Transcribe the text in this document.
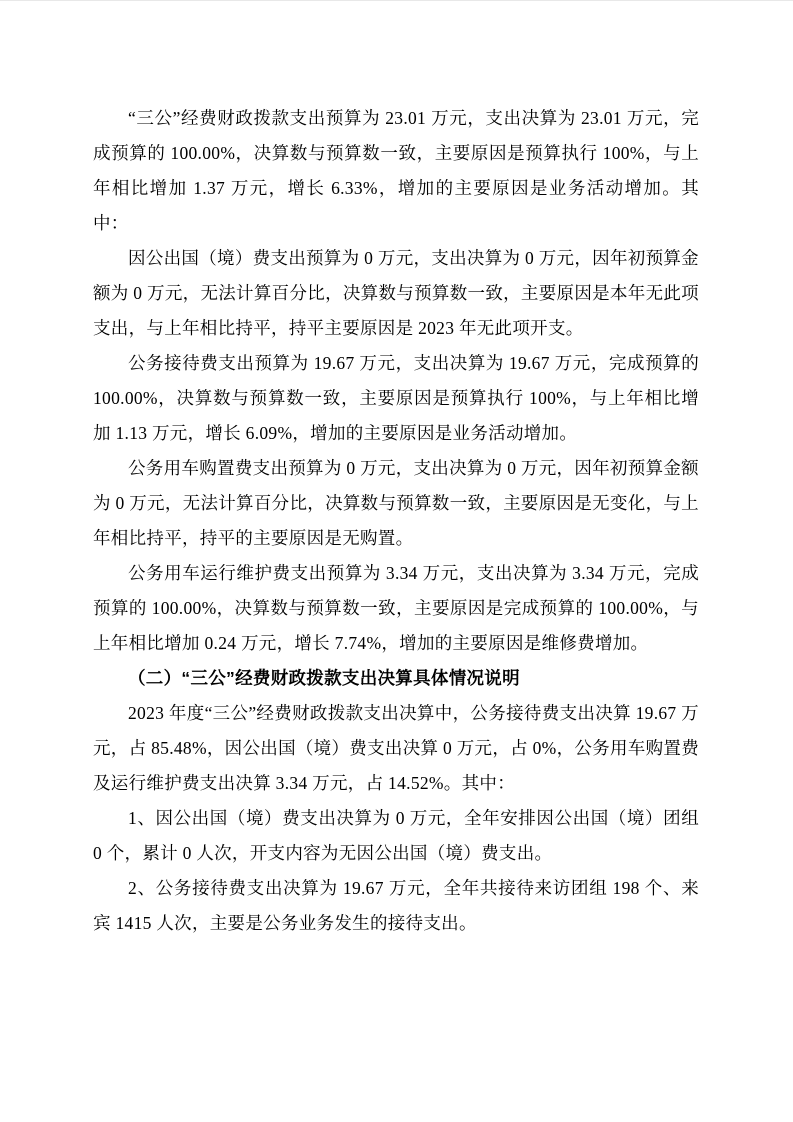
“三公”经费财政拨款支出预算为 23.01 万元，支出决算为 23.01 万元，完成预算的 100.00%，决算数与预算数一致，主要原因是预算执行 100%，与上年相比增加 1.37 万元，增长 6.33%，增加的主要原因是业务活动增加。其中：

因公出国（境）费支出预算为 0 万元，支出决算为 0 万元，因年初预算金额为 0 万元，无法计算百分比，决算数与预算数一致，主要原因是本年无此项支出，与上年相比持平，持平主要原因是 2023 年无此项开支。

公务接待费支出预算为 19.67 万元，支出决算为 19.67 万元，完成预算的 100.00%，决算数与预算数一致，主要原因是预算执行 100%，与上年相比增加 1.13 万元，增长 6.09%，增加的主要原因是业务活动增加。

公务用车购置费支出预算为 0 万元，支出决算为 0 万元，因年初预算金额为 0 万元，无法计算百分比，决算数与预算数一致，主要原因是无变化，与上年相比持平，持平的主要原因是无购置。

公务用车运行维护费支出预算为 3.34 万元，支出决算为 3.34 万元，完成预算的 100.00%，决算数与预算数一致，主要原因是完成预算的 100.00%，与上年相比增加 0.24 万元，增长 7.74%，增加的主要原因是维修费增加。

（二）“三公”经费财政拨款支出决算具体情况说明

2023 年度“三公”经费财政拨款支出决算中，公务接待费支出决算 19.67 万元，占 85.48%，因公出国（境）费支出决算 0 万元，占 0%，公务用车购置费及运行维护费支出决算 3.34 万元，占 14.52%。其中：

1、因公出国（境）费支出决算为 0 万元，全年安排因公出国（境）团组 0 个，累计 0 人次，开支内容为无因公出国（境）费支出。

2、公务接待费支出决算为 19.67 万元，全年共接待来访团组 198 个、来宾 1415 人次，主要是公务业务发生的接待支出。
